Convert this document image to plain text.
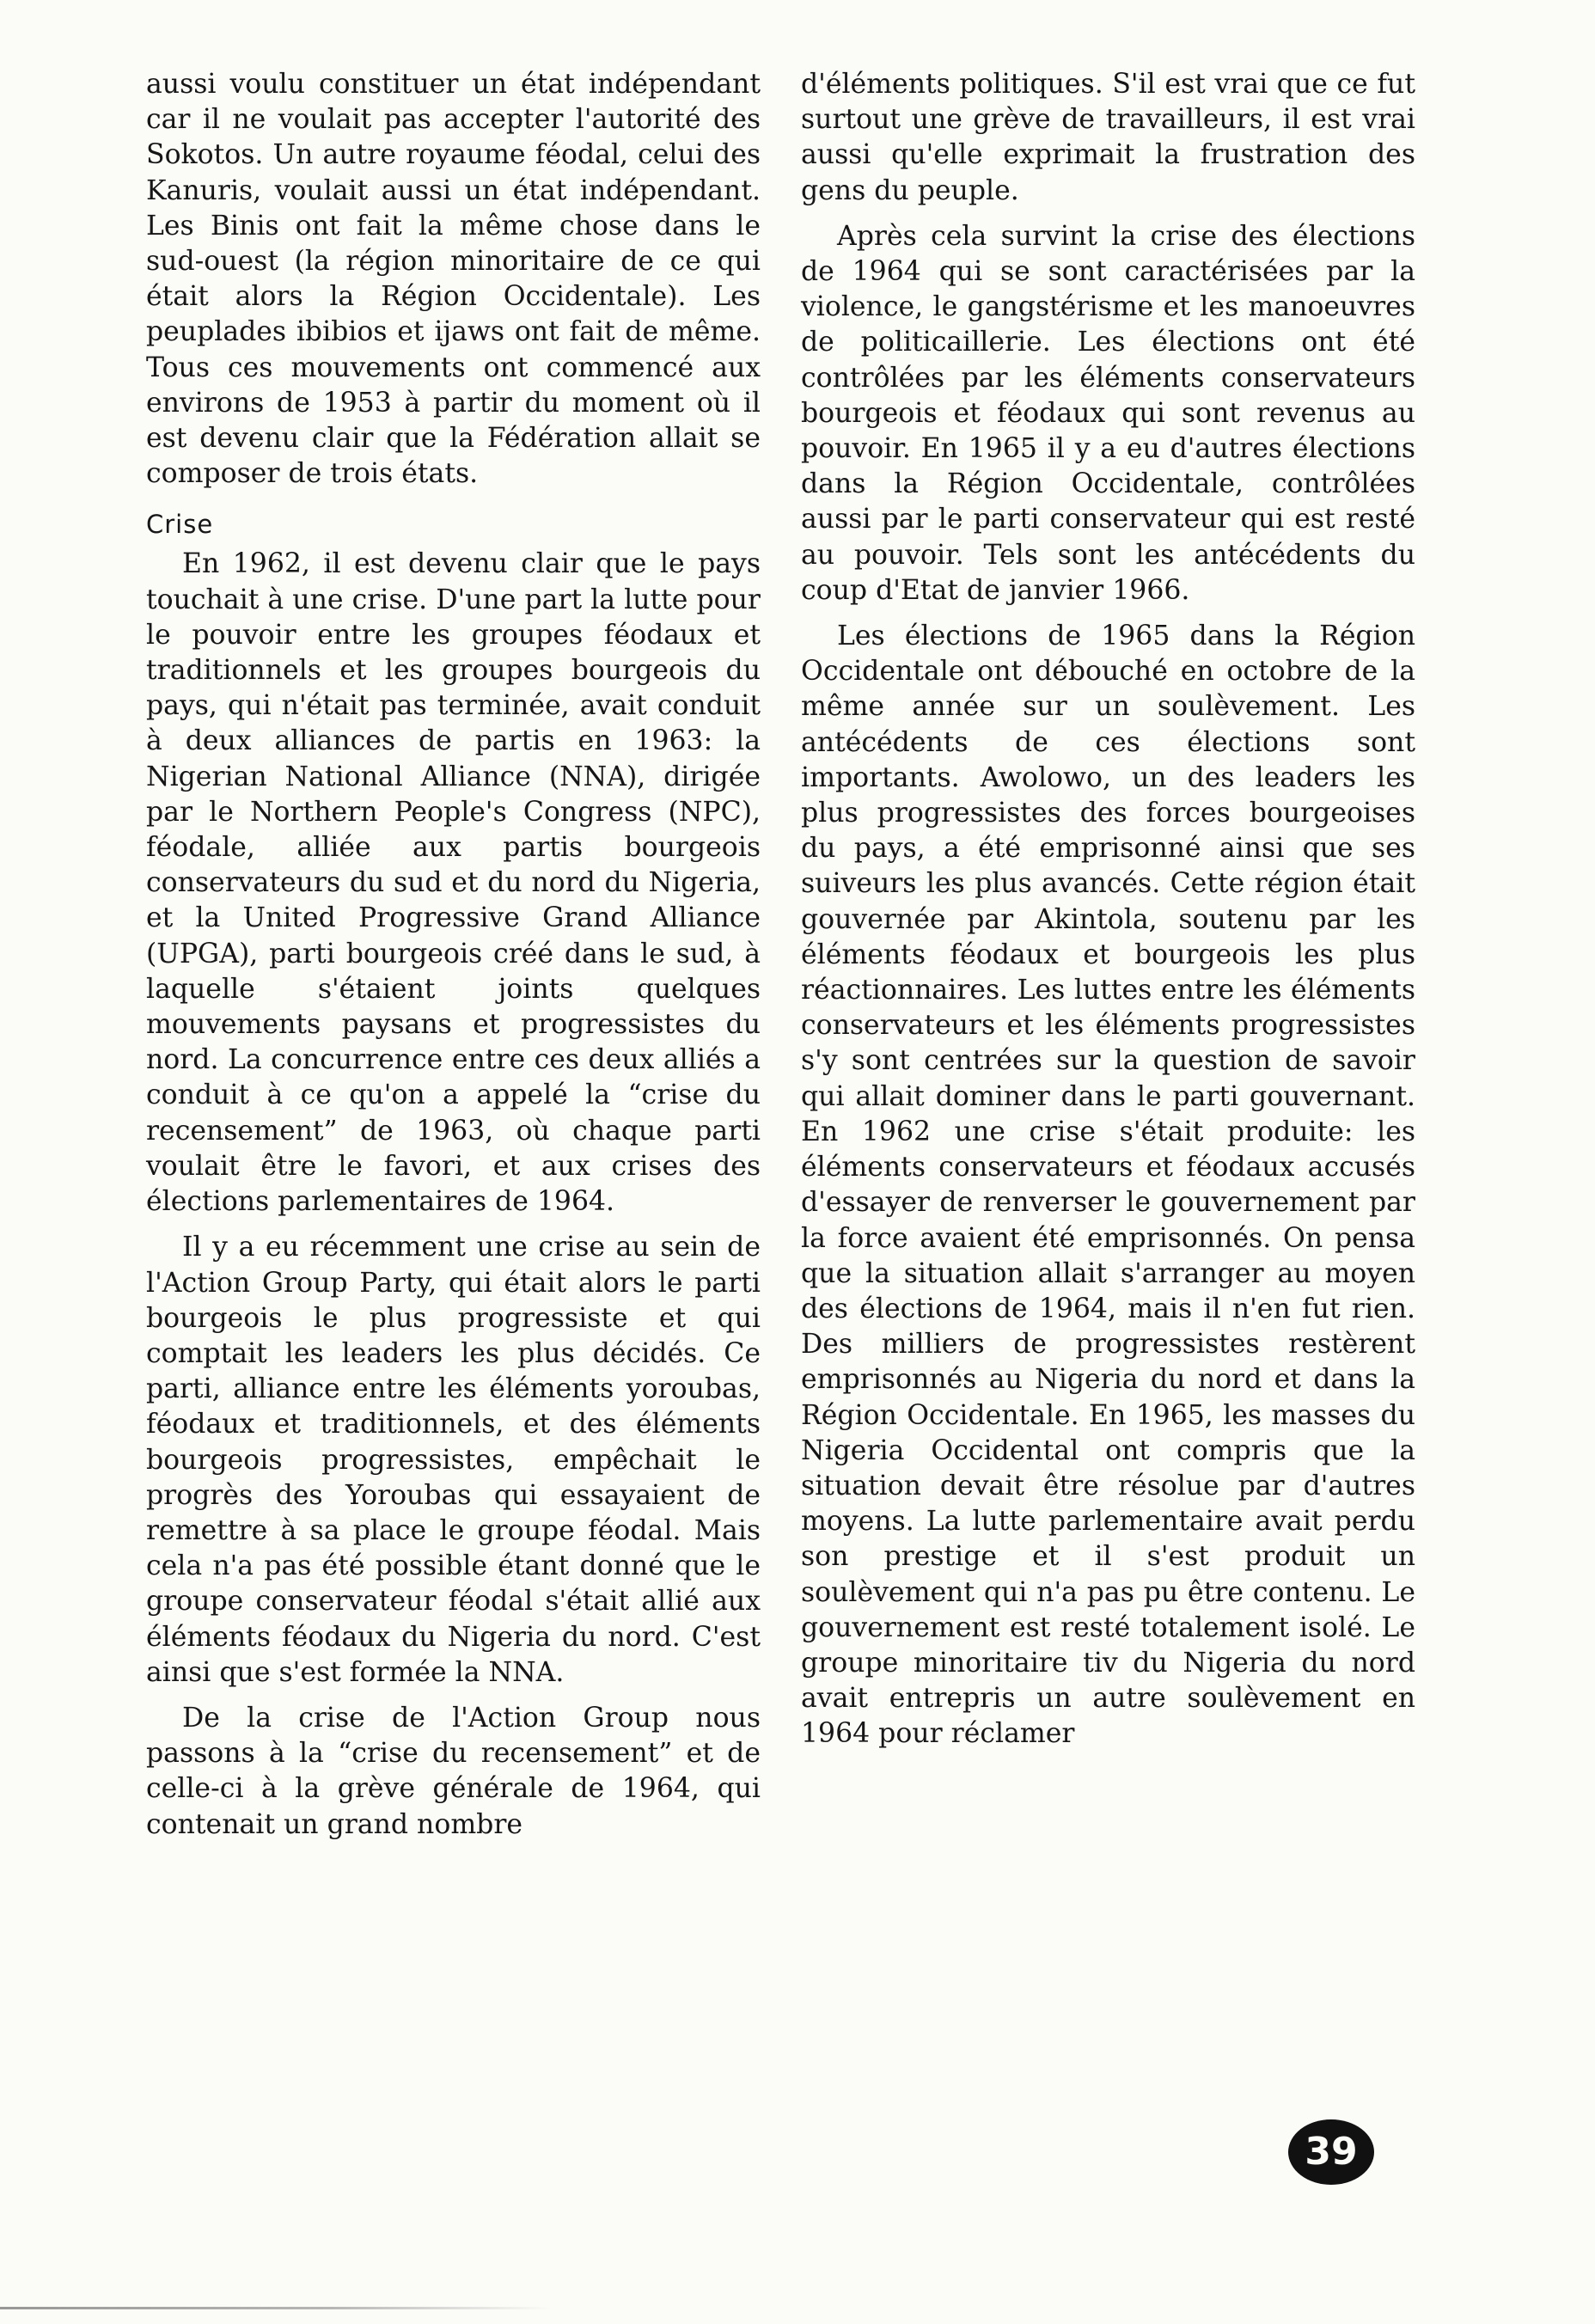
aussi voulu constituer un état indépendant car il ne voulait pas accepter l'autorité des Sokotos. Un autre royaume féodal, celui des Kanuris, voulait aussi un état indépendant. Les Binis ont fait la même chose dans le sud-ouest (la région minoritaire de ce qui était alors la Région Occidentale). Les peuplades ibibios et ijaws ont fait de même. Tous ces mouvements ont commencé aux environs de 1953 à partir du moment où il est devenu clair que la Fédération allait se composer de trois états.

Crise

En 1962, il est devenu clair que le pays touchait à une crise. D'une part la lutte pour le pouvoir entre les groupes féodaux et traditionnels et les groupes bourgeois du pays, qui n'était pas terminée, avait conduit à deux alliances de partis en 1963: la Nigerian National Alliance (NNA), dirigée par le Northern People's Congress (NPC), féodale, alliée aux partis bourgeois conservateurs du sud et du nord du Nigeria, et la United Progressive Grand Alliance (UPGA), parti bourgeois créé dans le sud, à laquelle s'étaient joints quelques mouvements paysans et progressistes du nord. La concurrence entre ces deux alliés a conduit à ce qu'on a appelé la “crise du recensement” de 1963, où chaque parti voulait être le favori, et aux crises des élections parlementaires de 1964.

Il y a eu récemment une crise au sein de l'Action Group Party, qui était alors le parti bourgeois le plus progressiste et qui comptait les leaders les plus décidés. Ce parti, alliance entre les éléments yoroubas, féodaux et traditionnels, et des éléments bourgeois progressistes, empêchait le progrès des Yoroubas qui essayaient de remettre à sa place le groupe féodal. Mais cela n'a pas été possible étant donné que le groupe conservateur féodal s'était allié aux éléments féodaux du Nigeria du nord. C'est ainsi que s'est formée la NNA.

De la crise de l'Action Group nous passons à la “crise du recensement” et de celle-ci à la grève générale de 1964, qui contenait un grand nombre

d'éléments politiques. S'il est vrai que ce fut surtout une grève de travailleurs, il est vrai aussi qu'elle exprimait la frustration des gens du peuple.

Après cela survint la crise des élections de 1964 qui se sont caractérisées par la violence, le gangstérisme et les manoeuvres de politicaillerie. Les élections ont été contrôlées par les éléments conservateurs bourgeois et féodaux qui sont revenus au pouvoir. En 1965 il y a eu d'autres élections dans la Région Occidentale, contrôlées aussi par le parti conservateur qui est resté au pouvoir. Tels sont les antécédents du coup d'Etat de janvier 1966.

Les élections de 1965 dans la Région Occidentale ont débouché en octobre de la même année sur un soulèvement. Les antécédents de ces élections sont importants. Awolowo, un des leaders les plus progressistes des forces bourgeoises du pays, a été emprisonné ainsi que ses suiveurs les plus avancés. Cette région était gouvernée par Akintola, soutenu par les éléments féodaux et bourgeois les plus réactionnaires. Les luttes entre les éléments conservateurs et les éléments progressistes s'y sont centrées sur la question de savoir qui allait dominer dans le parti gouvernant. En 1962 une crise s'était produite: les éléments conservateurs et féodaux accusés d'essayer de renverser le gouvernement par la force avaient été emprisonnés. On pensa que la situation allait s'arranger au moyen des élections de 1964, mais il n'en fut rien. Des milliers de progressistes restèrent emprisonnés au Nigeria du nord et dans la Région Occidentale. En 1965, les masses du Nigeria Occidental ont compris que la situation devait être résolue par d'autres moyens. La lutte parlementaire avait perdu son prestige et il s'est produit un soulèvement qui n'a pas pu être contenu. Le gouvernement est resté totalement isolé. Le groupe minoritaire tiv du Nigeria du nord avait entrepris un autre soulèvement en 1964 pour réclamer

39
